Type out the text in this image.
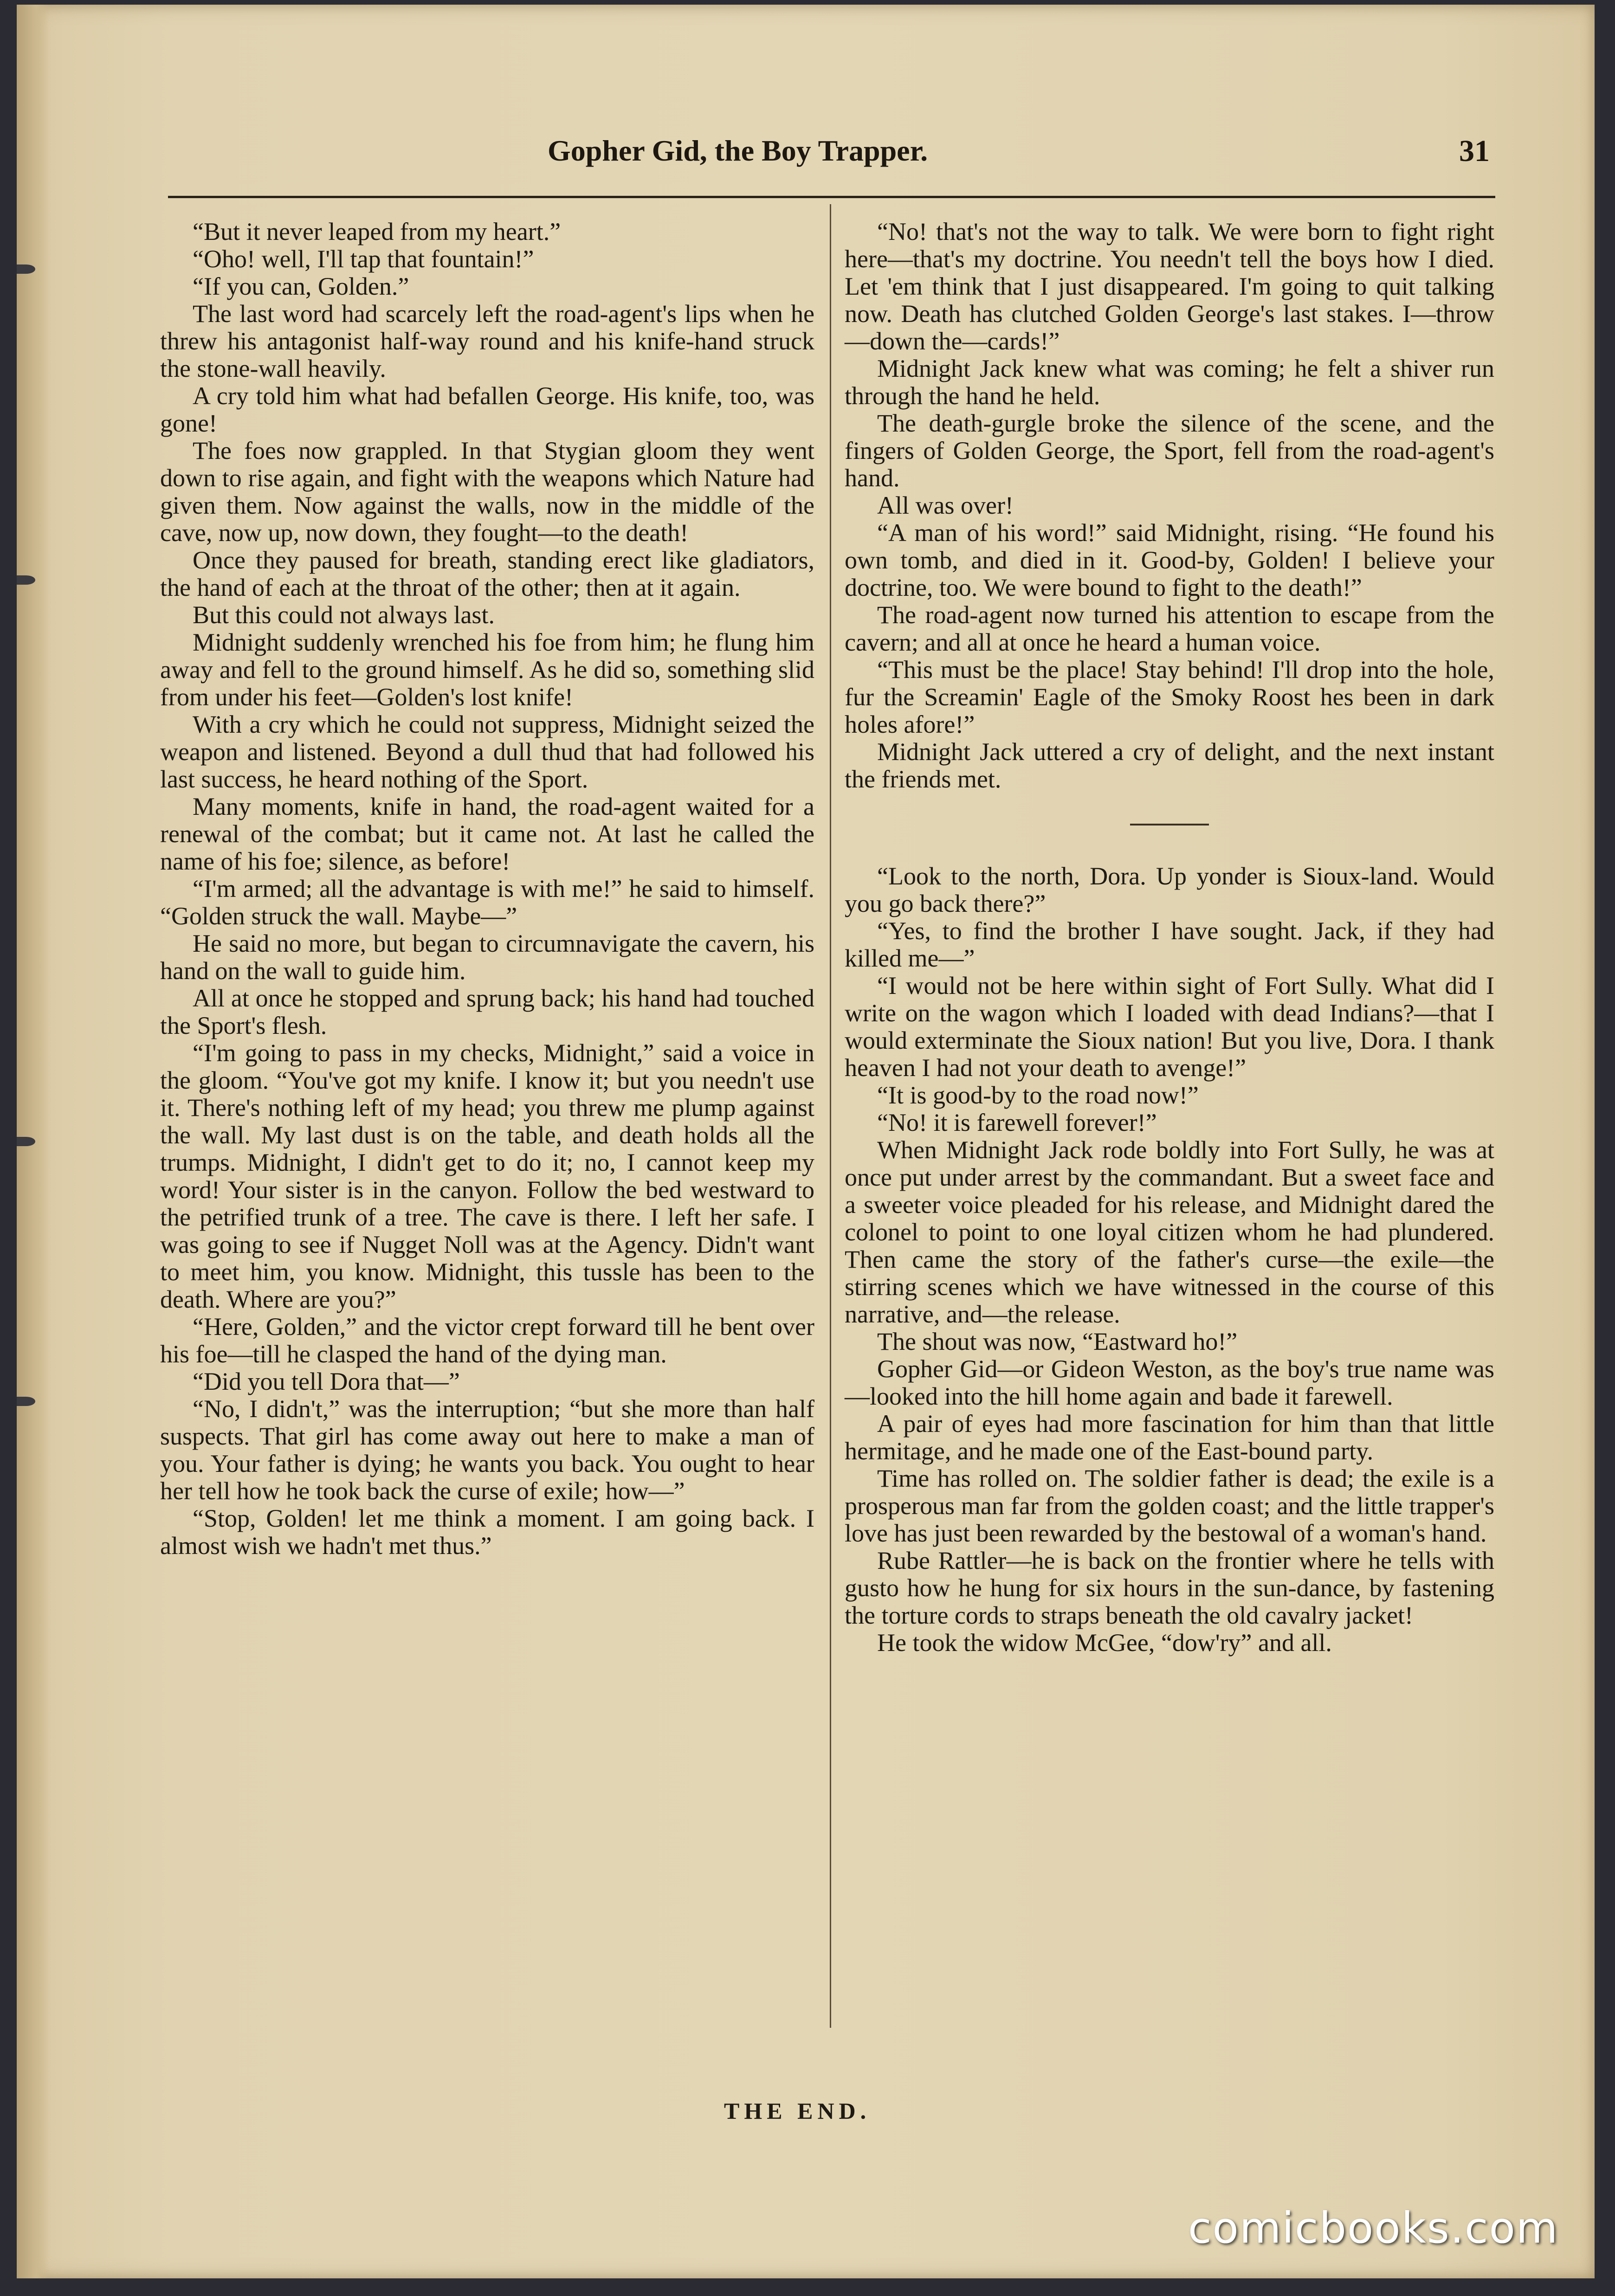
Gopher Gid, the Boy Trapper.	31

“But it never leaped from my heart.”

“Oho! well, I'll tap that fountain!”

“If you can, Golden.”

The last word had scarcely left the road-agent's lips when he threw his antagonist half-way round and his knife-hand struck the stone-wall heavily.

A cry told him what had befallen George. His knife, too, was gone!

The foes now grappled. In that Stygian gloom they went down to rise again, and fight with the weapons which Nature had given them. Now against the walls, now in the middle of the cave, now up, now down, they fought—to the death!

Once they paused for breath, standing erect like gladiators, the hand of each at the throat of the other; then at it again.

But this could not always last.

Midnight suddenly wrenched his foe from him; he flung him away and fell to the ground himself. As he did so, something slid from under his feet—Golden's lost knife!

With a cry which he could not suppress, Midnight seized the weapon and listened. Beyond a dull thud that had followed his last success, he heard nothing of the Sport.

Many moments, knife in hand, the road-agent waited for a renewal of the combat; but it came not. At last he called the name of his foe; silence, as before!

“I'm armed; all the advantage is with me!” he said to himself. “Golden struck the wall. Maybe—”

He said no more, but began to circumnavigate the cavern, his hand on the wall to guide him.

All at once he stopped and sprung back; his hand had touched the Sport's flesh.

“I'm going to pass in my checks, Midnight,” said a voice in the gloom. “You've got my knife. I know it; but you needn't use it. There's nothing left of my head; you threw me plump against the wall. My last dust is on the table, and death holds all the trumps. Midnight, I didn't get to do it; no, I cannot keep my word! Your sister is in the canyon. Follow the bed westward to the petrified trunk of a tree. The cave is there. I left her safe. I was going to see if Nugget Noll was at the Agency. Didn't want to meet him, you know. Midnight, this tussle has been to the death. Where are you?”

“Here, Golden,” and the victor crept forward till he bent over his foe—till he clasped the hand of the dying man.

“Did you tell Dora that—”

“No, I didn't,” was the interruption; “but she more than half suspects. That girl has come away out here to make a man of you. Your father is dying; he wants you back. You ought to hear her tell how he took back the curse of exile; how—”

“Stop, Golden! let me think a moment. I am going back. I almost wish we hadn't met thus.”

“No! that's not the way to talk. We were born to fight right here—that's my doctrine. You needn't tell the boys how I died. Let 'em think that I just disappeared. I'm going to quit talking now. Death has clutched Golden George's last stakes. I—throw—down the—cards!”

Midnight Jack knew what was coming; he felt a shiver run through the hand he held.

The death-gurgle broke the silence of the scene, and the fingers of Golden George, the Sport, fell from the road-agent's hand.

All was over!

“A man of his word!” said Midnight, rising. “He found his own tomb, and died in it. Good-by, Golden! I believe your doctrine, too. We were bound to fight to the death!”

The road-agent now turned his attention to escape from the cavern; and all at once he heard a human voice.

“This must be the place! Stay behind! I'll drop into the hole, fur the Screamin' Eagle of the Smoky Roost hes been in dark holes afore!”

Midnight Jack uttered a cry of delight, and the next instant the friends met.

“Look to the north, Dora. Up yonder is Sioux-land. Would you go back there?”

“Yes, to find the brother I have sought. Jack, if they had killed me—”

“I would not be here within sight of Fort Sully. What did I write on the wagon which I loaded with dead Indians?—that I would exterminate the Sioux nation! But you live, Dora. I thank heaven I had not your death to avenge!”

“It is good-by to the road now!”

“No! it is farewell forever!”

When Midnight Jack rode boldly into Fort Sully, he was at once put under arrest by the commandant. But a sweet face and a sweeter voice pleaded for his release, and Midnight dared the colonel to point to one loyal citizen whom he had plundered. Then came the story of the father's curse—the exile—the stirring scenes which we have witnessed in the course of this narrative, and—the release.

The shout was now, “Eastward ho!”

Gopher Gid—or Gideon Weston, as the boy's true name was—looked into the hill home again and bade it farewell.

A pair of eyes had more fascination for him than that little hermitage, and he made one of the East-bound party.

Time has rolled on. The soldier father is dead; the exile is a prosperous man far from the golden coast; and the little trapper's love has just been rewarded by the bestowal of a woman's hand.

Rube Rattler—he is back on the frontier where he tells with gusto how he hung for six hours in the sun-dance, by fastening the torture cords to straps beneath the old cavalry jacket!

He took the widow McGee, “dow'ry” and all.

THE END.
comicbooks.com
